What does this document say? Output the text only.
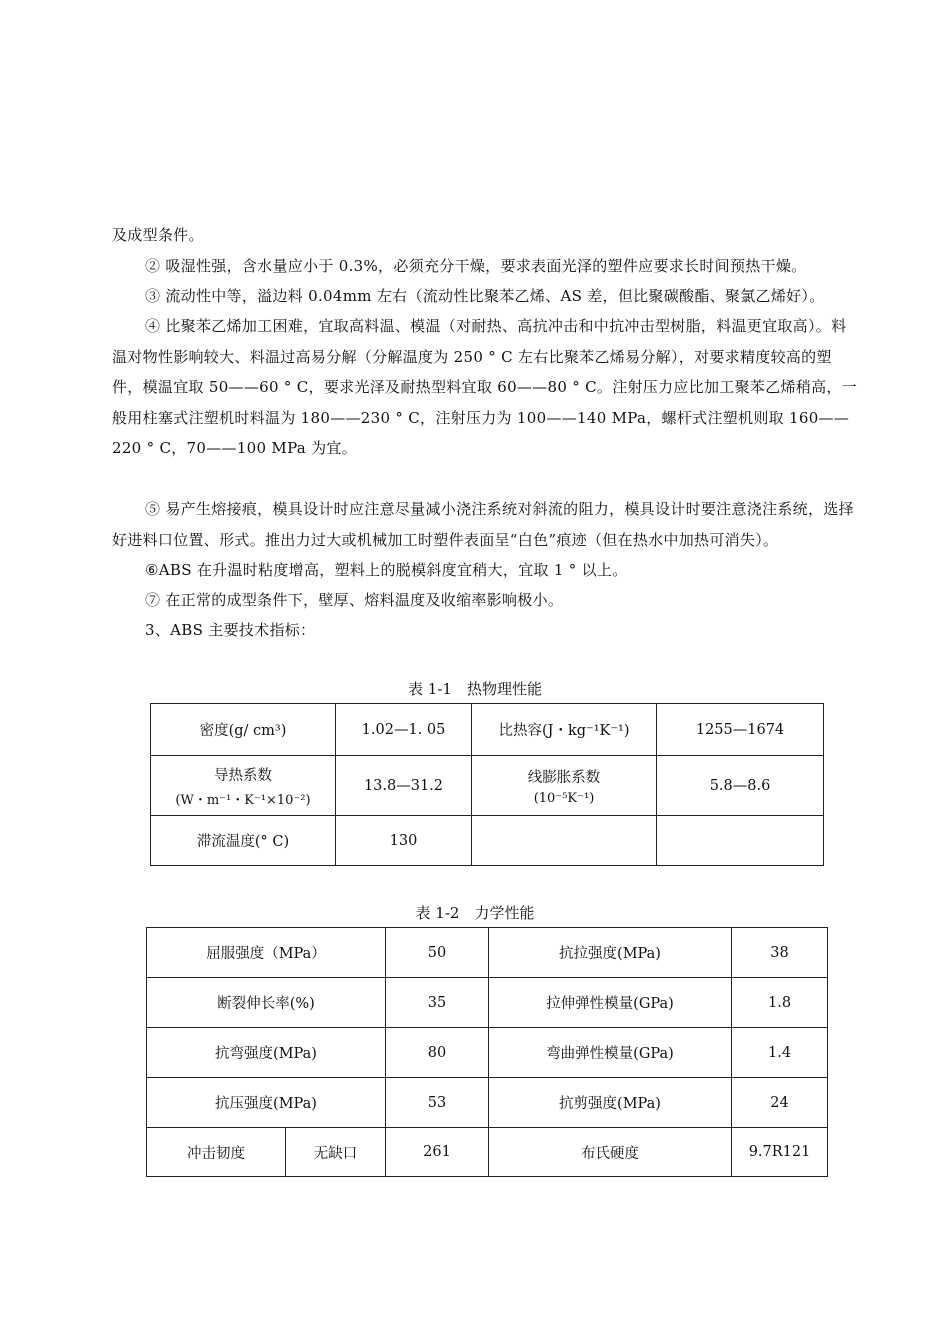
及成型条件。
② 吸湿性强，含水量应小于 0.3%，必须充分干燥，要求表面光泽的塑件应要求长时间预热干燥。
③ 流动性中等，溢边料 0.04mm 左右（流动性比聚苯乙烯、AS 差，但比聚碳酸酯、聚氯乙烯好）。
④ 比聚苯乙烯加工困难，宜取高料温、模温（对耐热、高抗冲击和中抗冲击型树脂，料温更宜取高）。料温对物性影响较大、料温过高易分解（分解温度为 250 ° C 左右比聚苯乙烯易分解），对要求精度较高的塑件，模温宜取 50——60 ° C，要求光泽及耐热型料宜取 60——80 ° C。注射压力应比加工聚苯乙烯稍高，一般用柱塞式注塑机时料温为 180——230 ° C，注射压力为 100——140 MPa，螺杆式注塑机则取 160——220 ° C，70——100 MPa 为宜。
⑤ 易产生熔接痕，模具设计时应注意尽量减小浇注系统对斜流的阻力，模具设计时要注意浇注系统，选择好进料口位置、形式。推出力过大或机械加工时塑件表面呈“白色”痕迹（但在热水中加热可消失）。
⑥ABS 在升温时粘度增高，塑料上的脱模斜度宜稍大，宜取 1 ° 以上。
⑦ 在正常的成型条件下，壁厚、熔料温度及收缩率影响极小。
3、ABS 主要技术指标：
表 1-1　热物理性能
密度(g/ cm³)	1.02—1. 05	比热容(J・kg⁻¹K⁻¹)	1255—1674
导热系数
(W・m⁻¹・K⁻¹×10⁻²)	13.8—31.2	线膨胀系数
(10⁻⁵K⁻¹)	5.8—8.6
滞流温度(° C)	130		
表 1-2　力学性能
屈服强度（MPa）		50	抗拉强度(MPa)	38
断裂伸长率(%)		35	拉伸弹性模量(GPa)	1.8
抗弯强度(MPa)		80	弯曲弹性模量(GPa)	1.4
抗压强度(MPa)		53	抗剪强度(MPa)	24
冲击韧度	无缺口	261	布氏硬度	9.7R121
